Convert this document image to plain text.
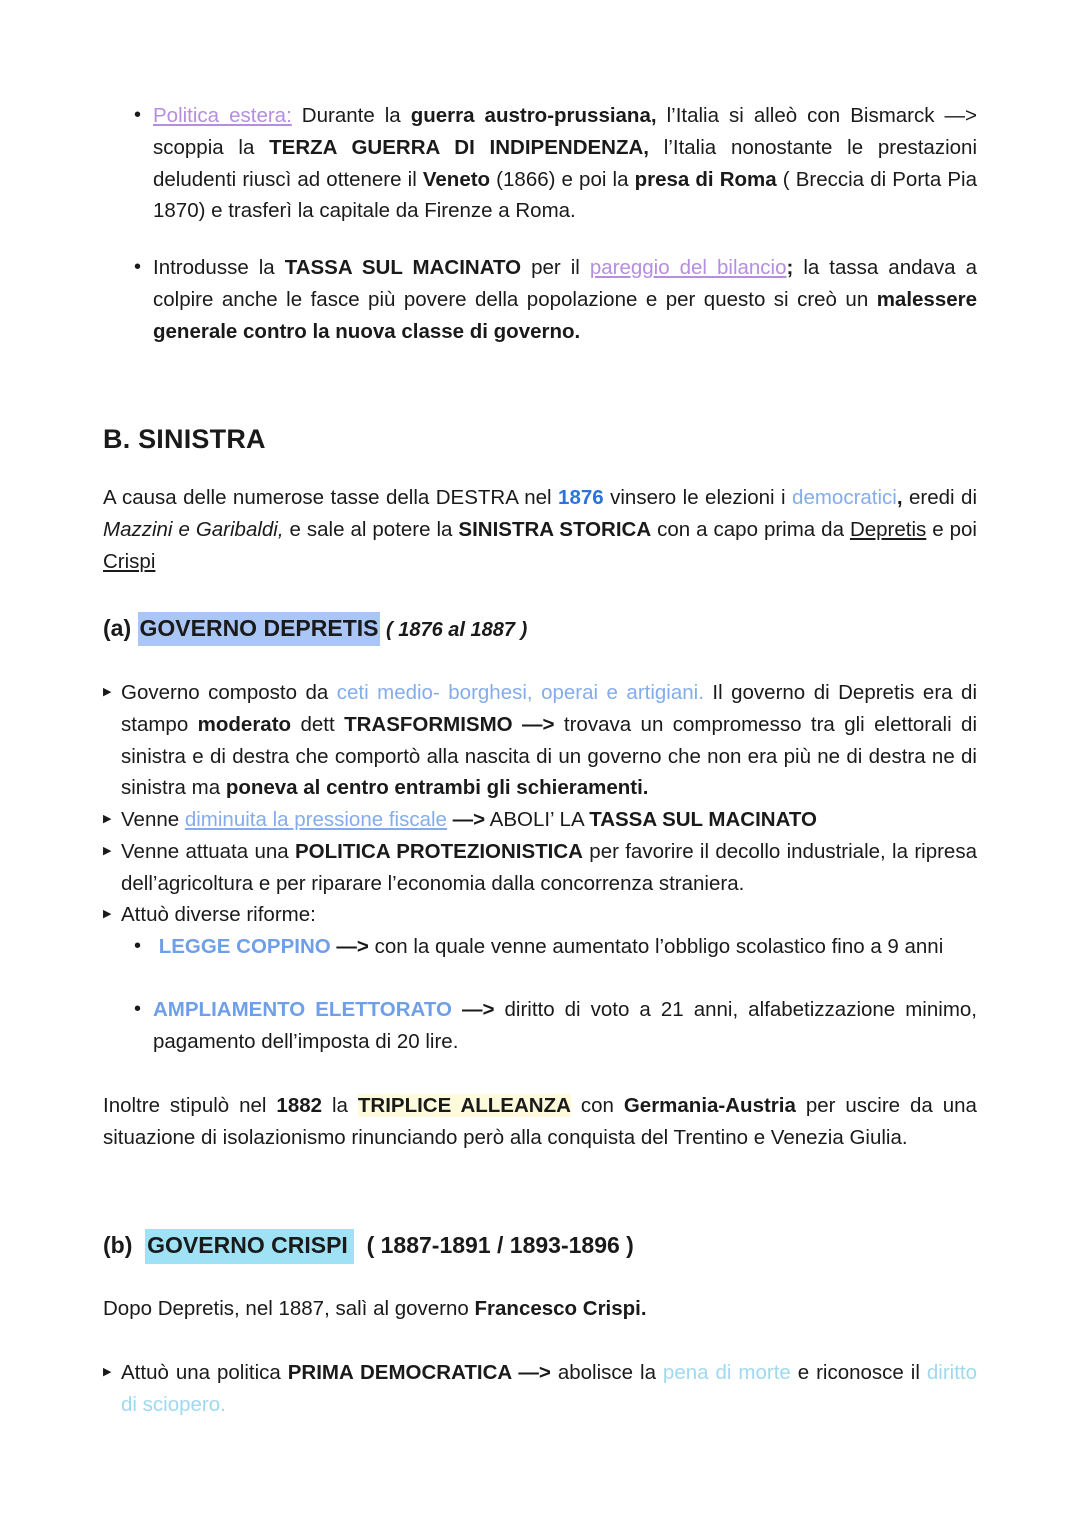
• Politica estera: Durante la guerra austro-prussiana, l’Italia si alleò con Bismarck —> scoppia la TERZA GUERRA DI INDIPENDENZA, l’Italia nonostante le prestazioni deludenti riuscì ad ottenere il Veneto (1866) e poi la presa di Roma ( Breccia di Porta Pia 1870) e trasferì la capitale da Firenze a Roma.

• Introdusse la TASSA SUL MACINATO per il pareggio del bilancio; la tassa andava a colpire anche le fasce più povere della popolazione e per questo si creò un malessere generale contro la nuova classe di governo.

B. SINISTRA

A causa delle numerose tasse della DESTRA nel 1876 vinsero le elezioni i democratici, eredi di Mazzini e Garibaldi, e sale al potere la SINISTRA STORICA con a capo prima da Depretis e poi Crispi

(a) GOVERNO DEPRETIS ( 1876 al 1887 )
▶ Governo composto da ceti medio- borghesi, operai e artigiani. Il governo di Depretis era di stampo moderato dett TRASFORMISMO —> trovava un compromesso tra gli elettorali di sinistra e di destra che comportò alla nascita di un governo che non era più ne di destra ne di sinistra ma poneva al centro entrambi gli schieramenti.

▶ Venne diminuita la pressione fiscale —> ABOLI’ LA TASSA SUL MACINATO

▶ Venne attuata una POLITICA PROTEZIONISTICA per favorire il decollo industriale, la ripresa dell’agricoltura e per riparare l’economia dalla concorrenza straniera.

▶ Attuò diverse riforme:

• LEGGE COPPINO —> con la quale venne aumentato l’obbligo scolastico fino a 9 anni

• AMPLIAMENTO ELETTORATO —> diritto di voto a 21 anni, alfabetizzazione minimo, pagamento dell’imposta di 20 lire.

Inoltre stipulò nel 1882 la TRIPLICE ALLEANZA con Germania-Austria per uscire da una situazione di isolazionismo rinunciando però alla conquista del Trentino e Venezia Giulia.

(b)  GOVERNO CRISPI  ( 1887-1891 / 1893-1896 )

Dopo Depretis, nel 1887, salì al governo Francesco Crispi.

▶ Attuò una politica PRIMA DEMOCRATICA —> abolisce la pena di morte e riconosce il diritto di sciopero.
